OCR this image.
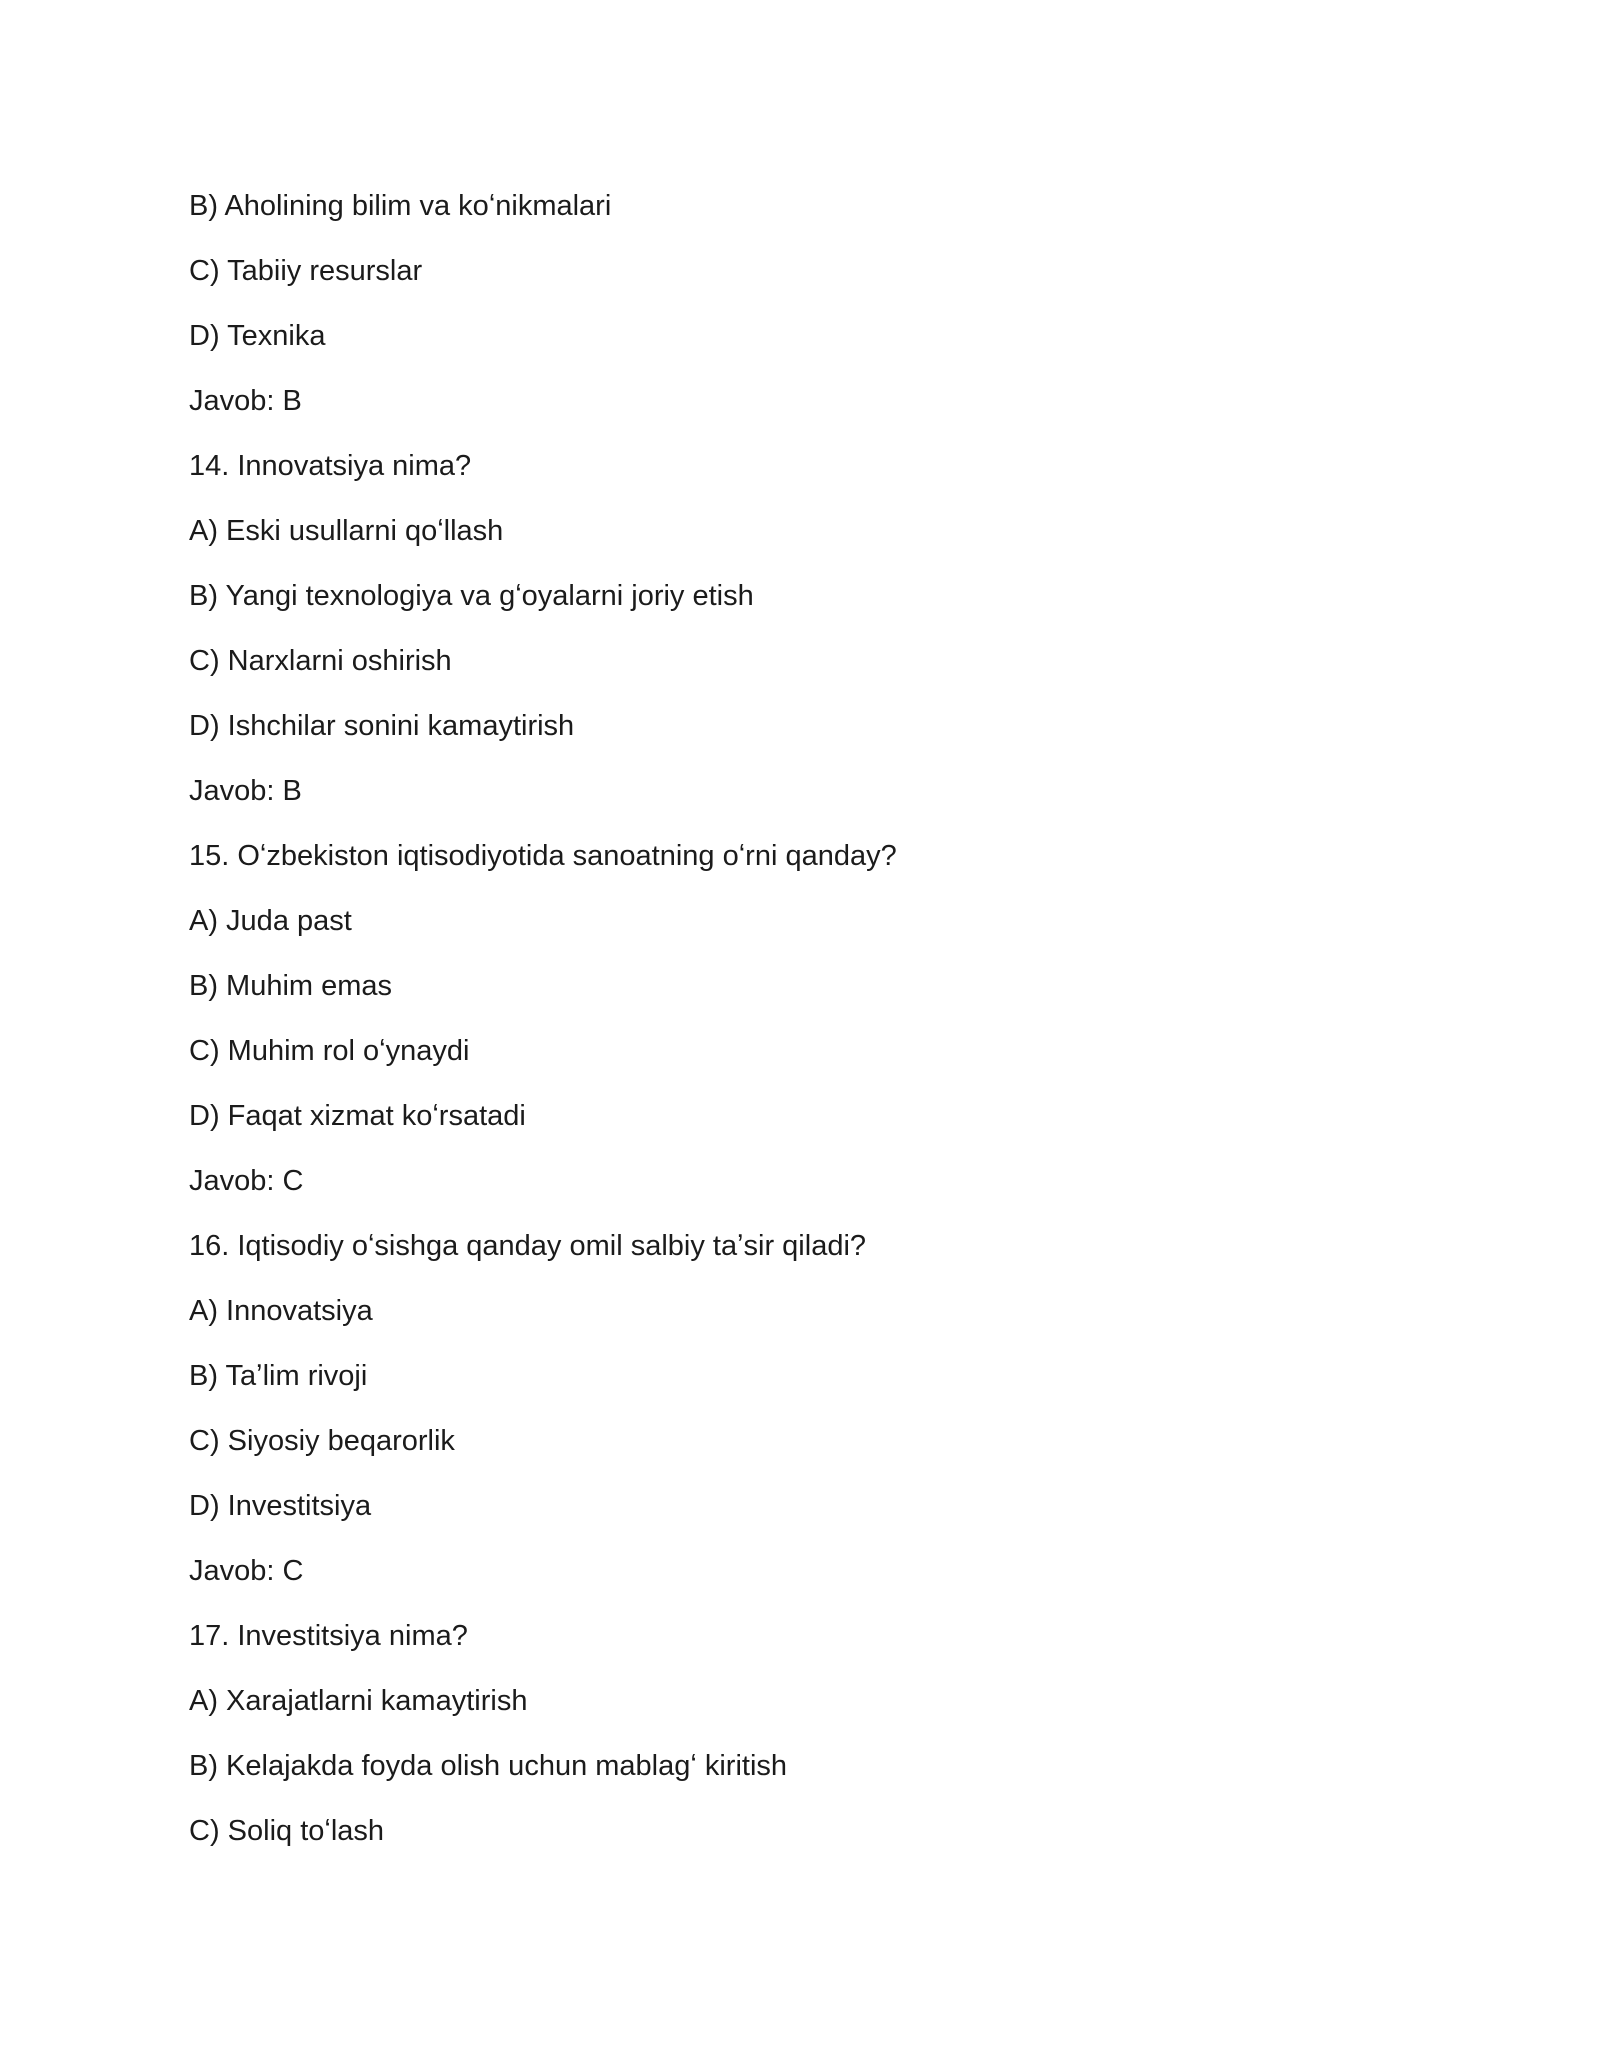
B) Aholining bilim va koʻnikmalari
C) Tabiiy resurslar
D) Texnika
Javob: B
14. Innovatsiya nima?
A) Eski usullarni qoʻllash
B) Yangi texnologiya va gʻoyalarni joriy etish
C) Narxlarni oshirish
D) Ishchilar sonini kamaytirish
Javob: B
15. Oʻzbekiston iqtisodiyotida sanoatning oʻrni qanday?
A) Juda past
B) Muhim emas
C) Muhim rol oʻynaydi
D) Faqat xizmat koʻrsatadi
Javob: C
16. Iqtisodiy oʻsishga qanday omil salbiy taʼsir qiladi?
A) Innovatsiya
B) Taʼlim rivoji
C) Siyosiy beqarorlik
D) Investitsiya
Javob: C
17. Investitsiya nima?
A) Xarajatlarni kamaytirish
B) Kelajakda foyda olish uchun mablagʻ kiritish
C) Soliq toʻlash
